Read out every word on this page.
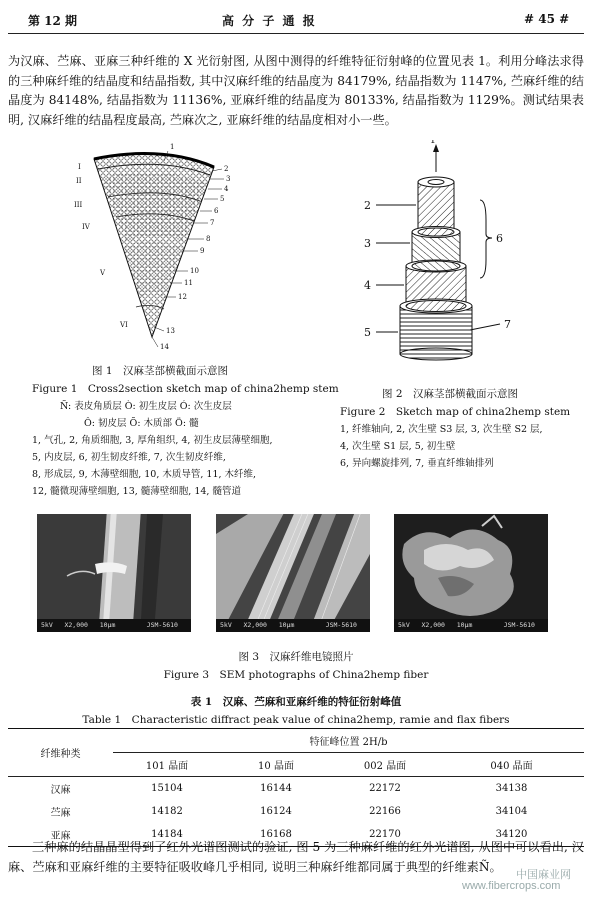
第 12 期	高 分 子 通 报	# 45 #
为汉麻、苎麻、亚麻三种纤维的 X 光衍射图, 从图中测得的纤维特征衍射峰的位置见表 1。利用分峰法求得的三种麻纤维的结晶度和结晶指数, 其中汉麻纤维的结晶度为 84179%, 结晶指数为 1147%, 苎麻纤维的结晶度为 84148%, 结晶指数为 11136%, 亚麻纤维的结晶度为 80133%, 结晶指数为 1129%。测试结果表明, 汉麻纤维的结晶程度最高, 苎麻次之, 亚麻纤维的结晶度相对小一些。
I
II
III
IV
V
VI
1
2
3
4
5
6
7
8
9
10
11
12
13
14
图 1　汉麻茎部横截面示意图
Figure 1　Cross2section sketch map of china2hemp stem
Ñ: 表皮角质层 Ò: 初生皮层 Ó: 次生皮层
Ô: 韧皮层 Õ: 木质部 Ö: 髓
1, 气孔, 2, 角质细胞, 3, 厚角组织, 4, 初生皮层薄壁细胞,
5, 内皮层, 6, 初生韧皮纤维, 7, 次生韧皮纤维,
8, 形成层, 9, 木薄壁细胞, 10, 木质导管, 11, 木纤维,
12, 髓微现薄壁细胞, 13, 髓薄壁细胞, 14, 髓管道
1
2
3
4
5
6
7
图 2　汉麻茎部横截面示意图
Figure 2　Sketch map of china2hemp stem
1, 纤维轴向, 2, 次生壁 S3 层, 3, 次生壁 S2 层,
4, 次生壁 S1 层, 5, 初生壁
6, 异向螺旋排列, 7, 垂直纤维轴排列
5kV   X2,000   10µm        JSM-5610	5kV   X2,000   10µm        JSM-5610	5kV   X2,000   10µm        JSM-5610
图 3　汉麻纤维电镜照片
Figure 3　SEM photographs of China2hemp fiber
表 1　汉麻、苎麻和亚麻纤维的特征衍射峰值
Table 1　Characteristic diffract peak value of china2hemp, ramie and flax fibers
纤维种类	特征峰位置 2H/b			
	101 晶面	10 晶面	002 晶面	040 晶面
汉麻	15104	16144	22172	34138
苎麻	14182	16124	22166	34104
亚麻	14184	16168	22170	34120
三种麻的结晶晶型得到了红外光谱图测试的验证, 图 5 为三种麻纤维的红外光谱图, 从图中可以看出, 汉麻、苎麻和亚麻纤维的主要特征吸收峰几乎相同, 说明三种麻纤维都同属于典型的纤维素Ñ。
中国麻业网
www.fibercrops.com
